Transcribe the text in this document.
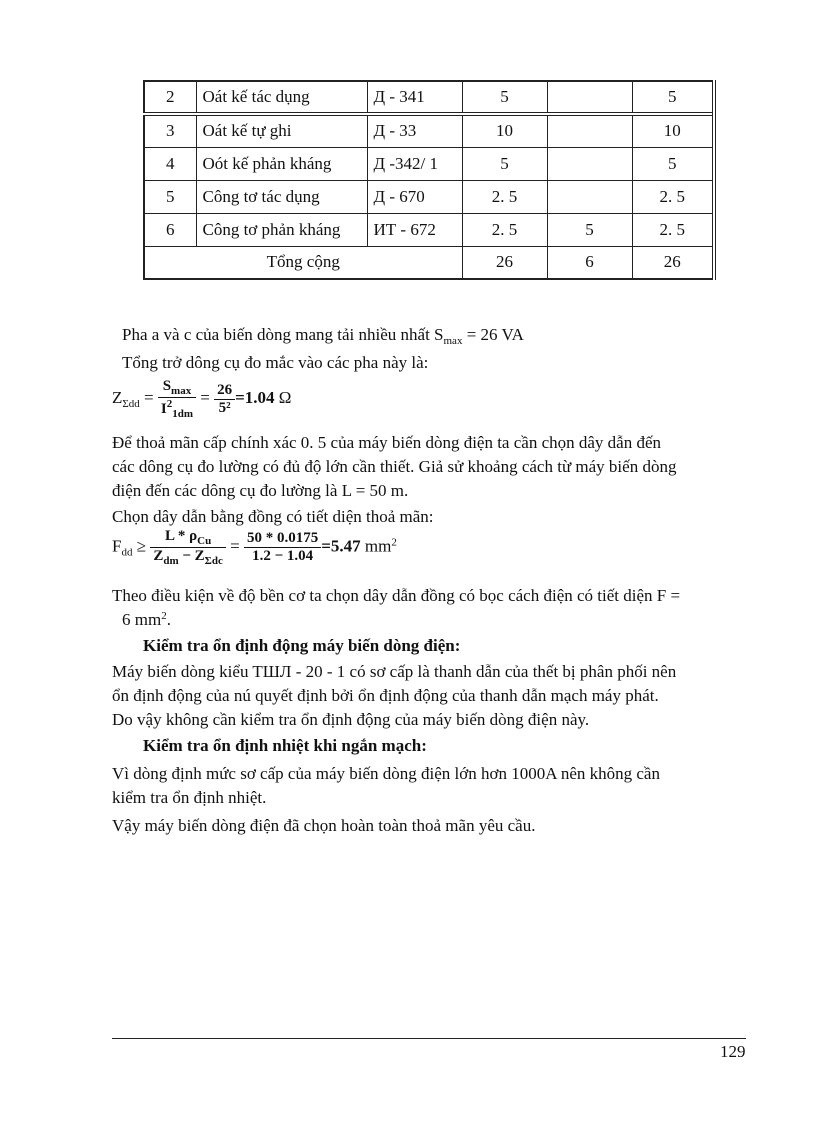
2	Oát kế tác dụng	Д - 341	5		5
3	Oát kế tự ghi	Д - 33	10		10
4	Oót kế phản kháng	Д -342/ 1	5		5
5	Công tơ tác dụng	Д - 670	2. 5		2. 5
6	Công tơ phản kháng	ИТ - 672	2. 5	5	2. 5
Tổng cộng			26	6	26
Pha a và c của biến dòng mang tải nhiều nhất $S_{max} = 26$ VA
Tổng trở dông cụ đo mắc vào các pha này là:
$Z_{\Sigma dd} = \frac{S_{max}}{I^2_{1dm}} = \frac{26}{\text{5²}} =1.04$ Ω
Để thoả mãn cấp chính xác 0. 5 của máy biến dòng điện ta cần chọn dây dẫn đến
các dông cụ đo lường có đủ độ lớn cần thiết. Giả sử khoảng cách từ máy biến dòng
điện đến các dông cụ đo lường là L = 50 m.
Chọn dây dẫn bằng đồng có tiết diện thoả mãn:
$F_{dd} \ge \frac{L * \rho_{Cu}}{Z_{dm} - Z_{\Sigma dc}} = \frac{50 * 0.0175}{1.2 - 1.04} =5.47$ $mm^2$
Theo điều kiện về độ bền cơ ta chọn dây dẫn đồng có bọc cách điện có tiết diện F =
6 $mm^2$.
Kiểm tra ổn định động máy biến dòng điện:
Máy biến dòng kiểu TШЛ - 20 - 1 có sơ cấp là thanh dẫn của thết bị phân phối nên
ổn định động của nú quyết định bởi ổn định động của thanh dẫn mạch máy phát.
Do vậy không cần kiểm tra ổn định động của máy biến dòng điện này.
Kiểm tra ổn định nhiệt khi ngắn mạch:
Vì dòng định mức sơ cấp của máy biến dòng điện lớn hơn 1000A nên không cần
kiểm tra ổn định nhiệt.
Vậy máy biến dòng điện đã chọn hoàn toàn thoả mãn yêu cầu.
129
